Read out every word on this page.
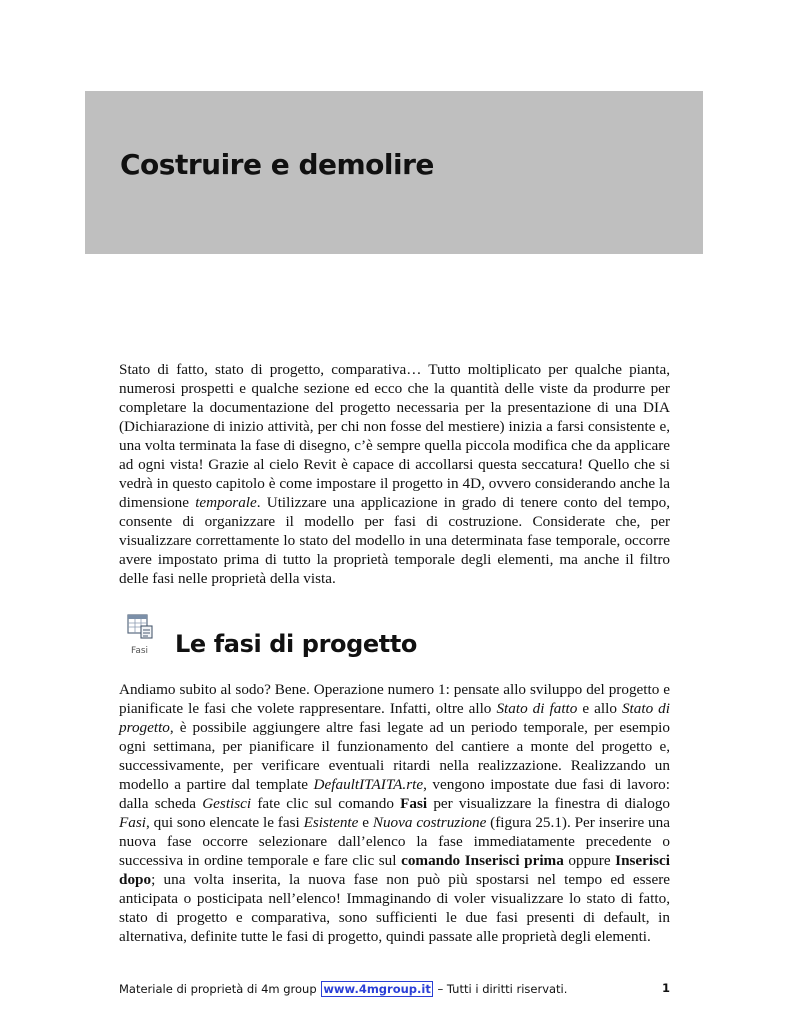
Costruire e demolire

Stato di fatto, stato di progetto, comparativa… Tutto moltiplicato per qualche pianta, numerosi prospetti e qualche sezione ed ecco che la quantità delle viste da produrre per completare la documentazione del progetto necessaria per la presentazione di una DIA (Dichiarazione di inizio attività, per chi non fosse del mestiere) inizia a farsi consistente e, una volta terminata la fase di disegno, c’è sempre quella piccola modifica che da applicare ad ogni vista! Grazie al cielo Revit è capace di accollarsi questa seccatura! Quello che si vedrà in questo capitolo è come impostare il progetto in 4D, ovvero considerando anche la dimensione temporale. Utilizzare una applicazione in grado di tenere conto del tempo, consente di organizzare il modello per fasi di costruzione. Considerate che, per visualizzare correttamente lo stato del modello in una determinata fase temporale, occorre avere impostato prima di tutto la proprietà temporale degli elementi, ma anche il filtro delle fasi nelle proprietà della vista.

Fasi Le fasi di progetto

Andiamo subito al sodo? Bene. Operazione numero 1: pensate allo sviluppo del progetto e pianificate le fasi che volete rappresentare. Infatti, oltre allo Stato di fatto e allo Stato di progetto, è possibile aggiungere altre fasi legate ad un periodo temporale, per esempio ogni settimana, per pianificare il funzionamento del cantiere a monte del progetto e, successivamente, per verificare eventuali ritardi nella realizzazione. Realizzando un modello a partire dal template DefaultITAITA.rte, vengono impostate due fasi di lavoro: dalla scheda Gestisci fate clic sul comando Fasi per visualizzare la finestra di dialogo Fasi, qui sono elencate le fasi Esistente e Nuova costruzione (figura 25.1). Per inserire una nuova fase occorre selezionare dall’elenco la fase immediatamente precedente o successiva in ordine temporale e fare clic sul comando Inserisci prima oppure Inserisci dopo; una volta inserita, la nuova fase non può più spostarsi nel tempo ed essere anticipata o posticipata nell’elenco! Immaginando di voler visualizzare lo stato di fatto, stato di progetto e comparativa, sono sufficienti le due fasi presenti di default, in alternativa, definite tutte le fasi di progetto, quindi passate alle proprietà degli elementi.

Materiale di proprietà di 4m group www.4mgroup.it – Tutti i diritti riservati.	1
